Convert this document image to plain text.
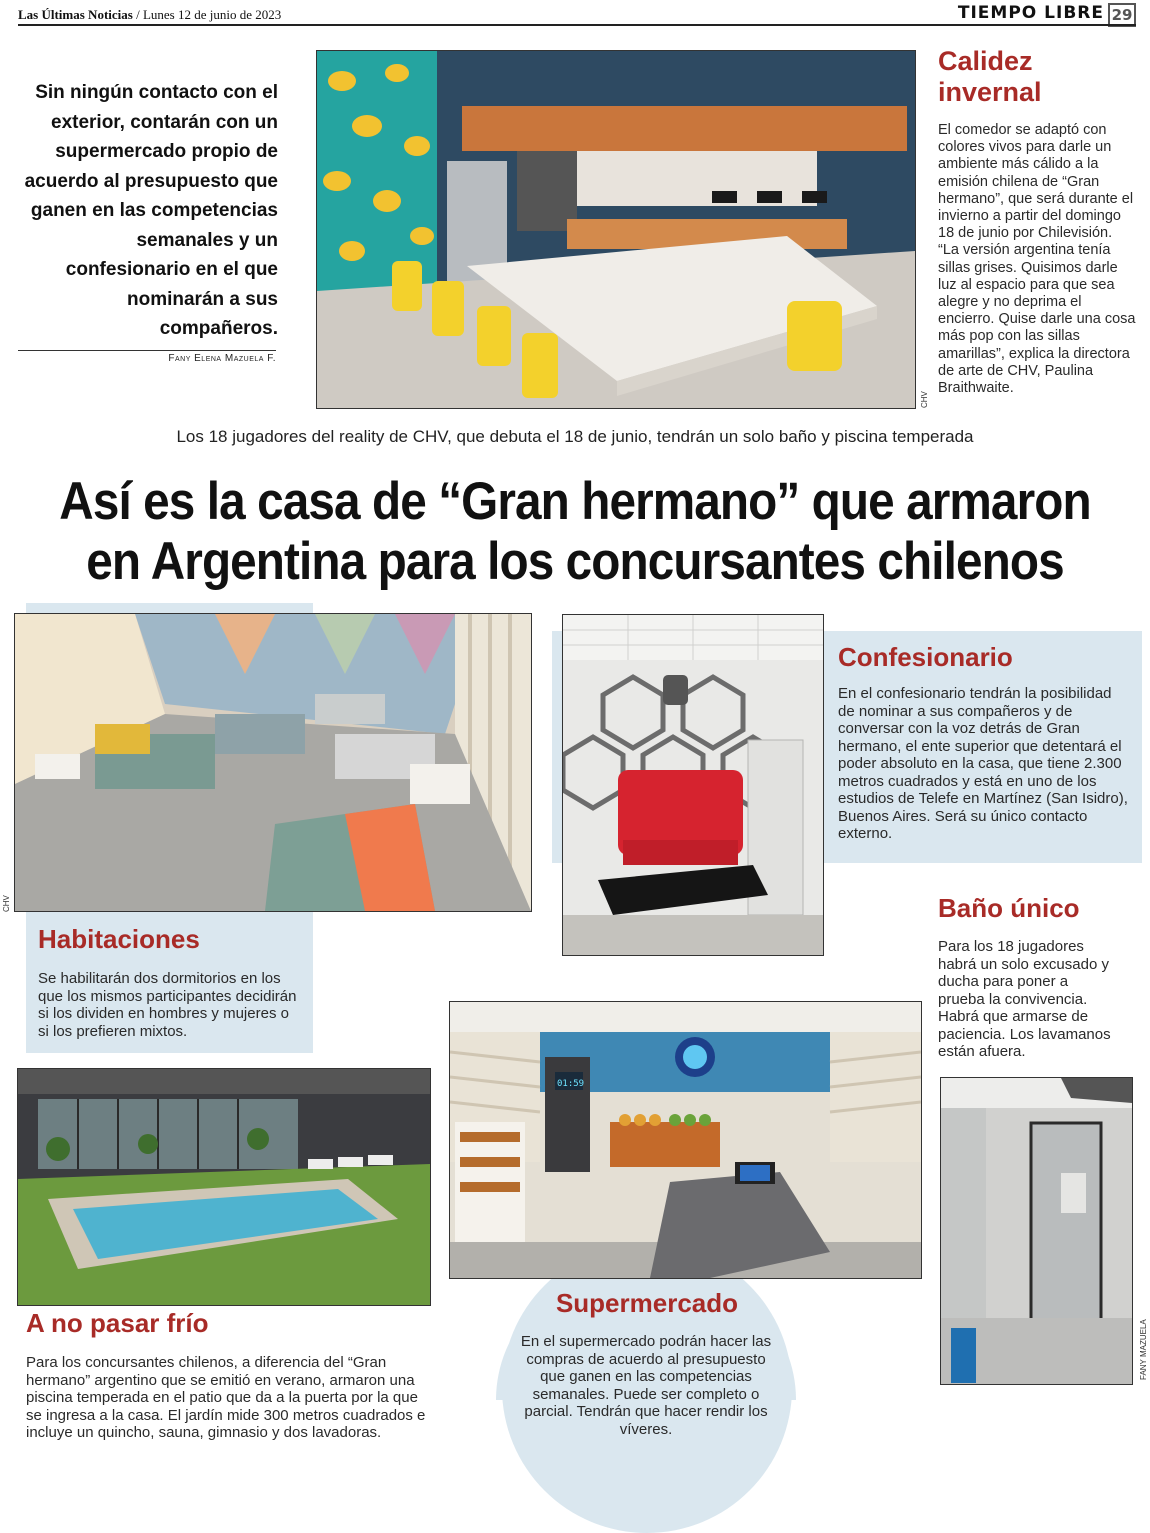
Las Últimas Noticias / Lunes 12 de junio de 2023	TIEMPO LIBRE 29
Sin ningún contacto con el exterior, contarán con un supermercado propio de acuerdo al presupuesto que ganen en las competencias semanales y un confesionario en el que nominarán a sus compañeros.
Fany Elena Mazuela F.
CHV
Calidez invernal
El comedor se adaptó con colores vivos para darle un ambiente más cálido a la emisión chilena de “Gran hermano”, que será durante el invierno a partir del domingo 18 de junio por Chilevisión. “La versión argentina tenía sillas grises. Quisimos darle luz al espacio para que sea alegre y no deprima el encierro. Quise darle una cosa más pop con las sillas amarillas”, explica la directora de arte de CHV, Paulina Braithwaite.
Los 18 jugadores del reality de CHV, que debuta el 18 de junio, tendrán un solo baño y piscina temperada
Así es la casa de “Gran hermano” que armaron
en Argentina para los concursantes chilenos
CHV
Habitaciones
Se habilitarán dos dormitorios en los que los mismos participantes decidirán si los dividen en hombres y mujeres o si los prefieren mixtos.
Confesionario
En el confesionario tendrán la posibilidad de nominar a sus compañeros y de conversar con la voz detrás de Gran hermano, el ente superior que detentará el poder absoluto en la casa, que tiene 2.300 metros cuadrados y está en uno de los estudios de Telefe en Martínez (San Isidro), Buenos Aires. Será su único contacto externo.
Baño único
Para los 18 jugadores habrá un solo excusado y ducha para poner a prueba la convivencia. Habrá que armarse de paciencia. Los lavamanos están afuera.
FANY MAZUELA
A no pasar frío
Para los concursantes chilenos, a diferencia del “Gran hermano” argentino que se emitió en verano, armaron una piscina temperada en el patio que da a la puerta por la que se ingresa a la casa. El jardín mide 300 metros cuadrados e incluye un quincho, sauna, gimnasio y dos lavadoras.
01:59
Supermercado
En el supermercado podrán hacer las compras de acuerdo al presupuesto que ganen en las competencias semanales. Puede ser completo o parcial. Tendrán que hacer rendir los víveres.
